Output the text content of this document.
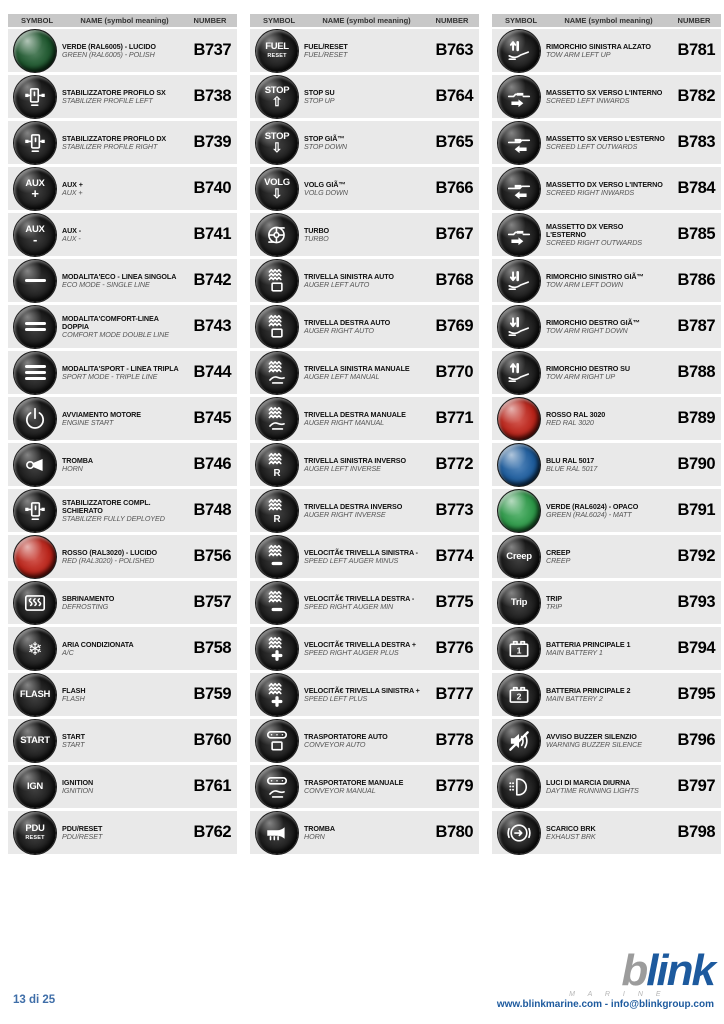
SYMBOL	NAME (symbol meaning)	NUMBER
VERDE (RAL6005) - LUCIDO
GREEN (RAL6005) - POLISH	B737
STABILIZZATORE PROFILO SX
STABILIZER PROFILE LEFT	B738
STABILIZZATORE PROFILO DX
STABILIZER PROFILE RIGHT	B739
AUX
+
AUX +
AUX +	B740
AUX
-
AUX -
AUX -	B741
MODALITA'ECO - LINEA SINGOLA
ECO MODE - SINGLE LINE	B742
MODALITA'COMFORT-LINEA DOPPIA
COMFORT MODE DOUBLE LINE	B743
MODALITA'SPORT - LINEA TRIPLA
SPORT MODE - TRIPLE LINE	B744
AVVIAMENTO MOTORE
ENGINE START	B745
TROMBA
HORN	B746
STABILIZZATORE COMPL. SCHIERATO
STABILIZER FULLY DEPLOYED	B748
ROSSO (RAL3020) - LUCIDO
RED (RAL3020) - POLISHED	B756
SBRINAMENTO
DEFROSTING	B757
❄	ARIA CONDIZIONATA
A/C	B758
FLASH FLASH
FLASH	B759
START START
START	B760
IGN	IGNITION
IGNITION	B761
PDU
RESET
PDU/RESET
PDU/RESET	B762
SYMBOL	NAME (symbol meaning)	NUMBER
FUEL
RESET
FUEL/RESET
FUEL/RESET	B763
STOP
⇧
STOP SU
STOP UP	B764
STOP
⇩
STOP GIÃ™
STOP DOWN	B765
VOLG
⇩
VOLG GIÃ™
VOLG DOWN	B766
TURBO
TURBO	B767
TRIVELLA SINISTRA AUTO
AUGER LEFT AUTO	B768
TRIVELLA DESTRA AUTO
AUGER RIGHT AUTO	B769
TRIVELLA SINISTRA MANUALE
AUGER LEFT MANUAL	B770
TRIVELLA DESTRA MANUALE
AUGER RIGHT MANUAL	B771
R
TRIVELLA SINISTRA INVERSO
AUGER LEFT INVERSE	B772
R
TRIVELLA DESTRA INVERSO
AUGER RIGHT INVERSE	B773
VELOCITÃ€ TRIVELLA SINISTRA -
SPEED LEFT AUGER MINUS	B774
VELOCITÃ€ TRIVELLA DESTRA -
SPEED RIGHT AUGER MIN	B775
VELOCITÃ€ TRIVELLA DESTRA +
SPEED RIGHT AUGER PLUS	B776
VELOCITÃ€ TRIVELLA SINISTRA +
SPEED LEFT PLUS	B777
TRASPORTATORE AUTO
CONVEYOR AUTO	B778
TRASPORTATORE MANUALE
CONVEYOR MANUAL	B779
TROMBA
HORN	B780
SYMBOL	NAME (symbol meaning)	NUMBER
RIMORCHIO SINISTRA ALZATO
TOW ARM LEFT UP	B781
MASSETTO SX VERSO L'INTERNO
SCREED LEFT INWARDS	B782
MASSETTO SX VERSO L'ESTERNO
SCREED LEFT OUTWARDS	B783
MASSETTO DX VERSO L'INTERNO
SCREED RIGHT INWARDS	B784
MASSETTO DX VERSO L'ESTERNO
SCREED RIGHT OUTWARDS	B785
RIMORCHIO SINISTRO GIÃ™
TOW ARM LEFT DOWN	B786
RIMORCHIO DESTRO GIÃ™
TOW ARM RIGHT DOWN	B787
RIMORCHIO DESTRO SU
TOW ARM RIGHT UP	B788
ROSSO RAL 3020
RED RAL 3020	B789
BLU RAL 5017
BLUE RAL 5017	B790
VERDE (RAL6024) - OPACO
GREEN (RAL6024) - MATT	B791
Creep CREEP
CREEP	B792
Trip	TRIP
TRIP	B793
1
BATTERIA PRINCIPALE 1
MAIN BATTERY 1	B794
2
BATTERIA PRINCIPALE 2
MAIN BATTERY 2	B795
AVVISO BUZZER SILENZIO
WARNING BUZZER SILENCE	B796
LUCI DI MARCIA DIURNA
DAYTIME RUNNING LIGHTS	B797
SCARICO BRK
EXHAUST BRK	B798
13 di 25
blink
M A R I N E
www.blinkmarine.com - info@blinkgroup.com
